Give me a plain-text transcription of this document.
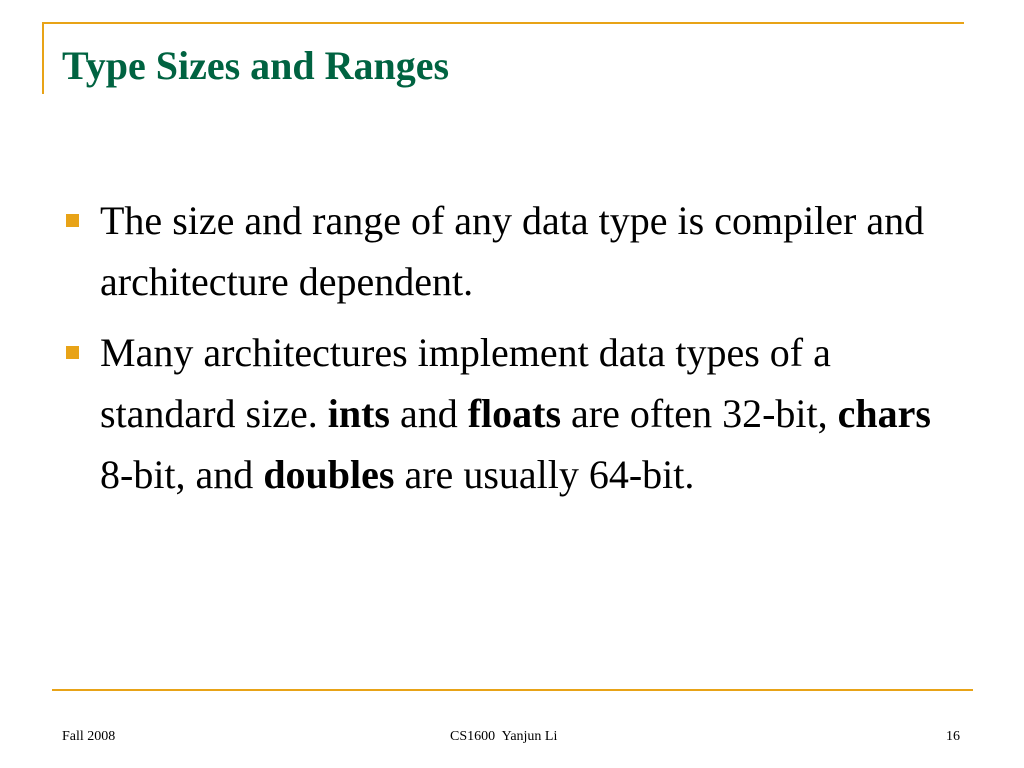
Type Sizes and Ranges
The size and range of any data type is compiler and architecture dependent.
Many architectures implement data types of a standard size. ints and floats are often 32-bit, chars 8-bit, and doubles are usually 64-bit.
Fall 2008	CS1600  Yanjun Li	16
